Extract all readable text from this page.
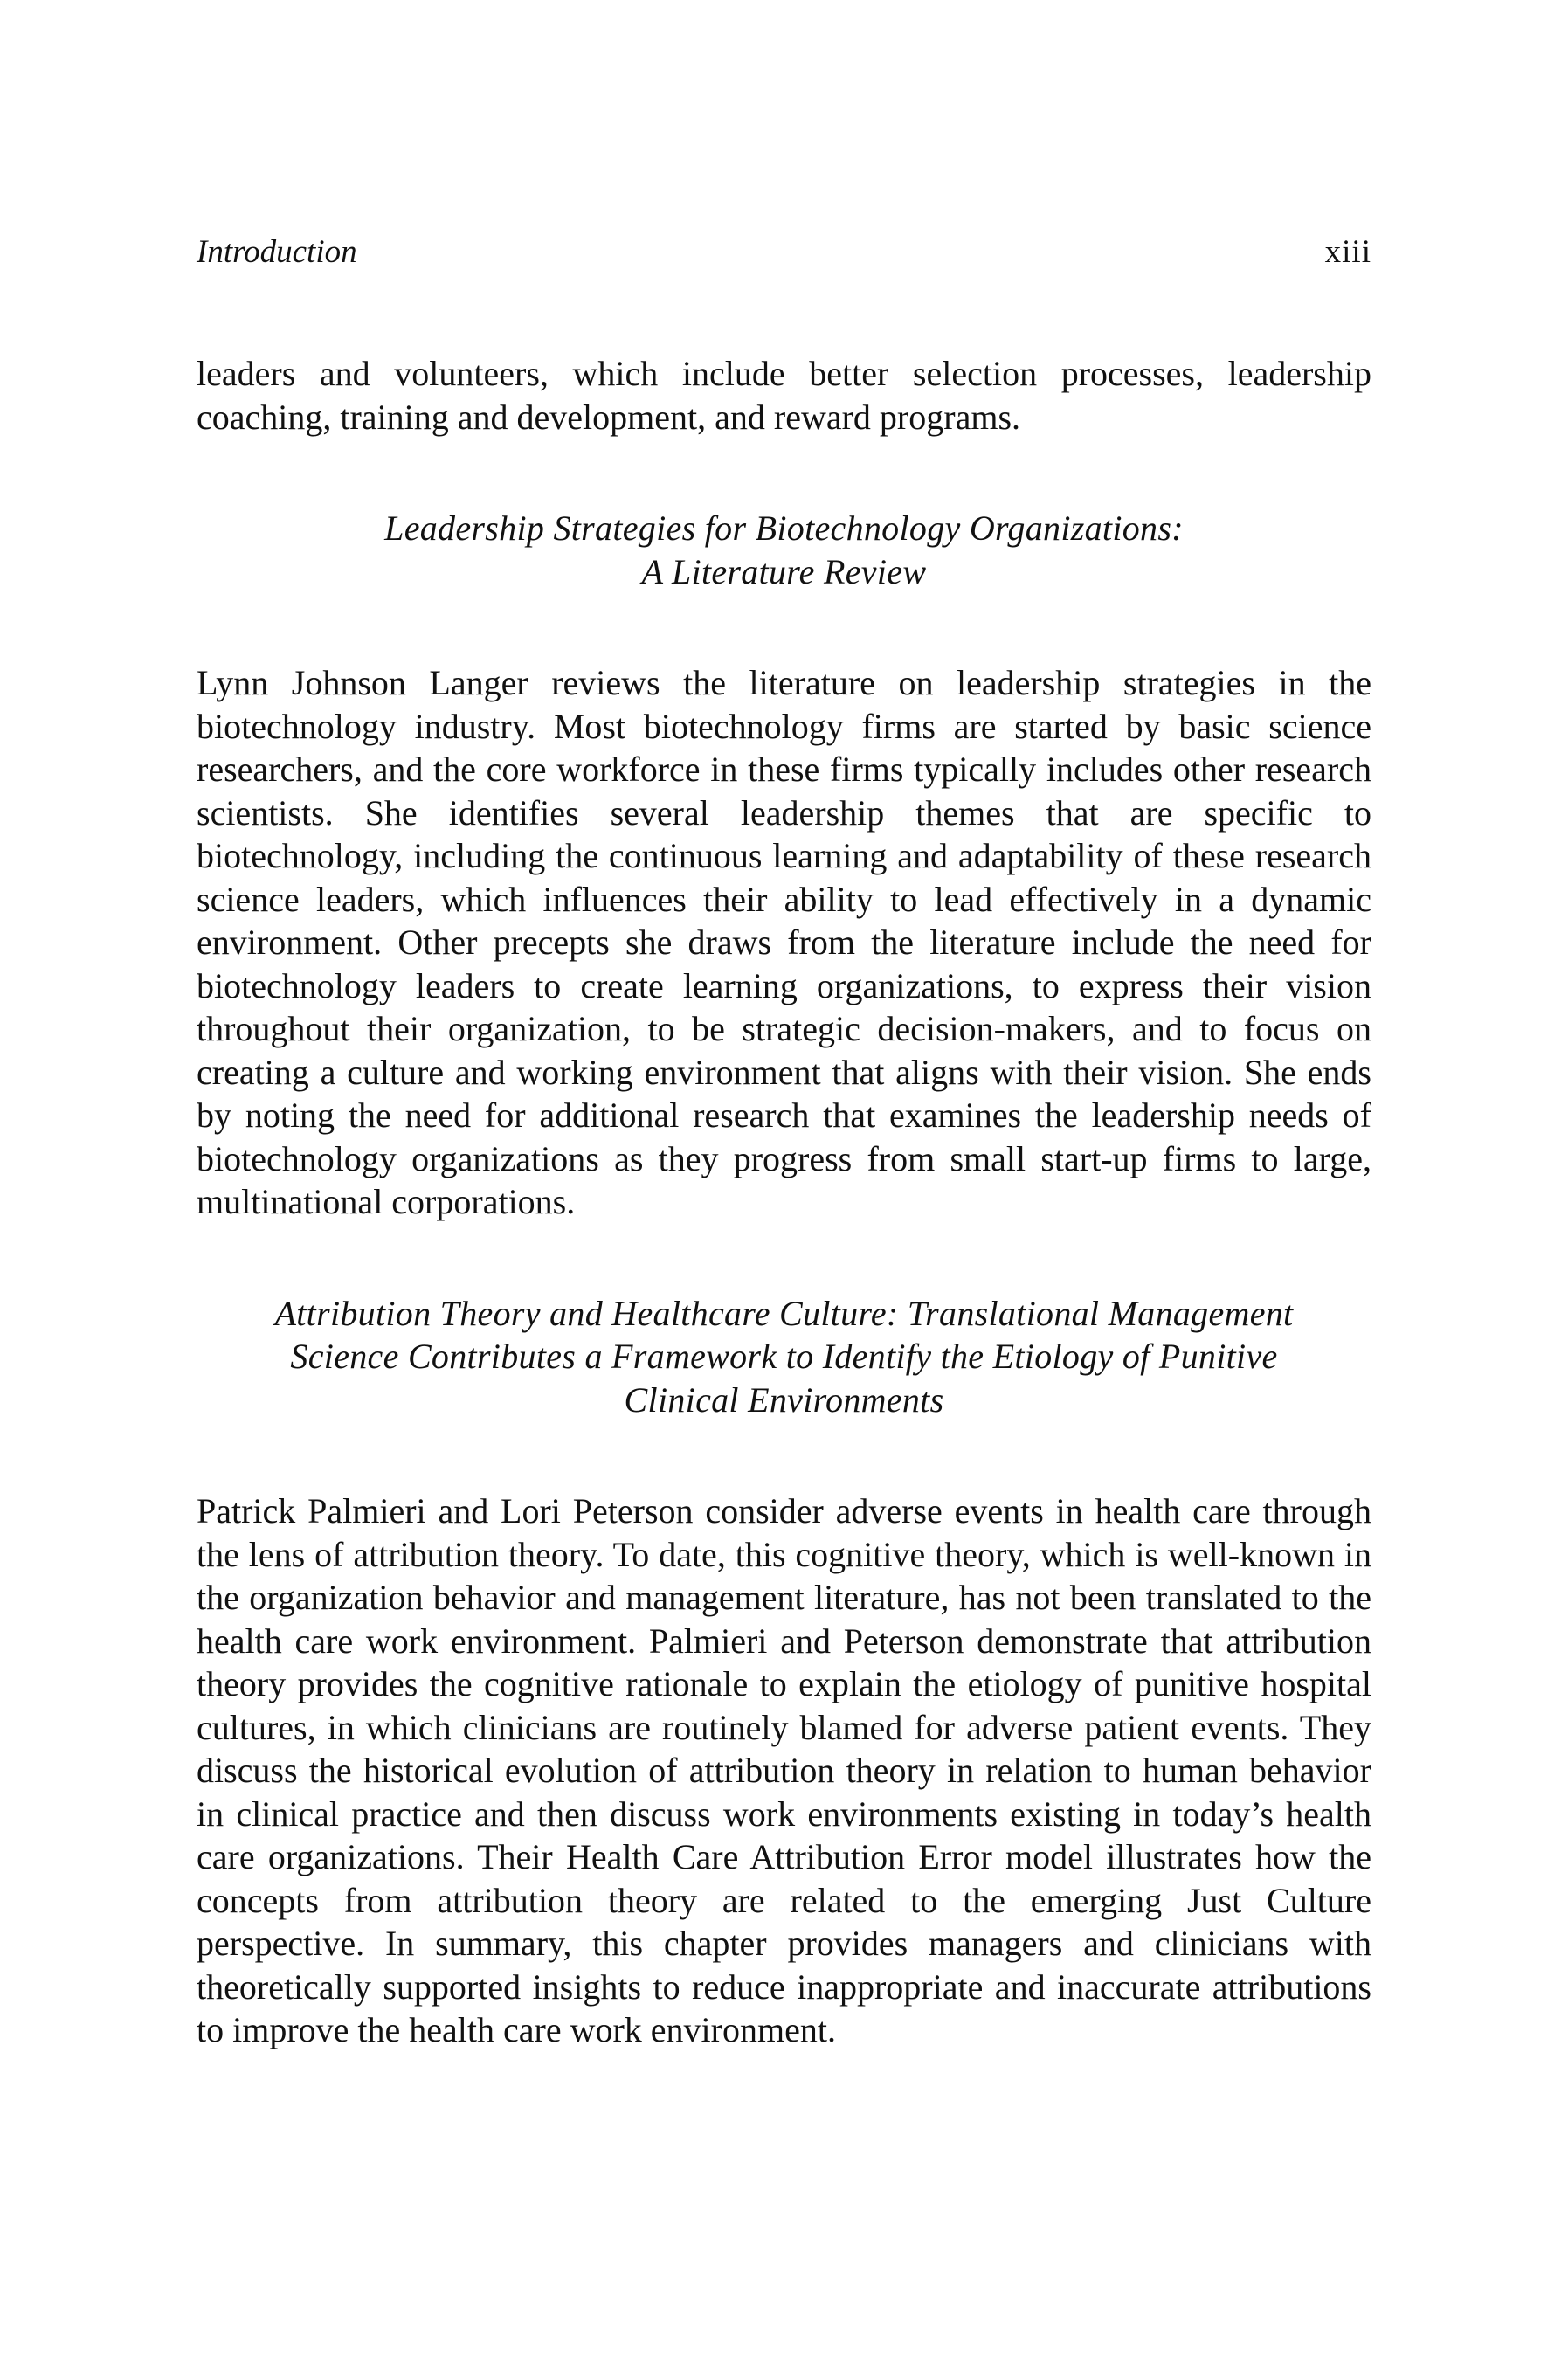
Introduction	xiii

leaders and volunteers, which include better selection processes, leadership coaching, training and development, and reward programs.

Leadership Strategies for Biotechnology Organizations:
A Literature Review

Lynn Johnson Langer reviews the literature on leadership strategies in the biotechnology industry. Most biotechnology firms are started by basic science researchers, and the core workforce in these firms typically includes other research scientists. She identifies several leadership themes that are specific to biotechnology, including the continuous learning and adaptability of these research science leaders, which influences their ability to lead effectively in a dynamic environment. Other precepts she draws from the literature include the need for biotechnology leaders to create learning organizations, to express their vision throughout their organization, to be strategic decision-makers, and to focus on creating a culture and working environment that aligns with their vision. She ends by noting the need for additional research that examines the leadership needs of biotechnology organizations as they progress from small start-up firms to large, multinational corporations.

Attribution Theory and Healthcare Culture: Translational Management
Science Contributes a Framework to Identify the Etiology of Punitive
Clinical Environments

Patrick Palmieri and Lori Peterson consider adverse events in health care through the lens of attribution theory. To date, this cognitive theory, which is well-known in the organization behavior and management literature, has not been translated to the health care work environment. Palmieri and Peterson demonstrate that attribution theory provides the cognitive rationale to explain the etiology of punitive hospital cultures, in which clinicians are routinely blamed for adverse patient events. They discuss the historical evolution of attribution theory in relation to human behavior in clinical practice and then discuss work environments existing in today’s health care organizations. Their Health Care Attribution Error model illustrates how the concepts from attribution theory are related to the emerging Just Culture perspective. In summary, this chapter provides managers and clinicians with theoretically supported insights to reduce inappropriate and inaccurate attributions to improve the health care work environment.
